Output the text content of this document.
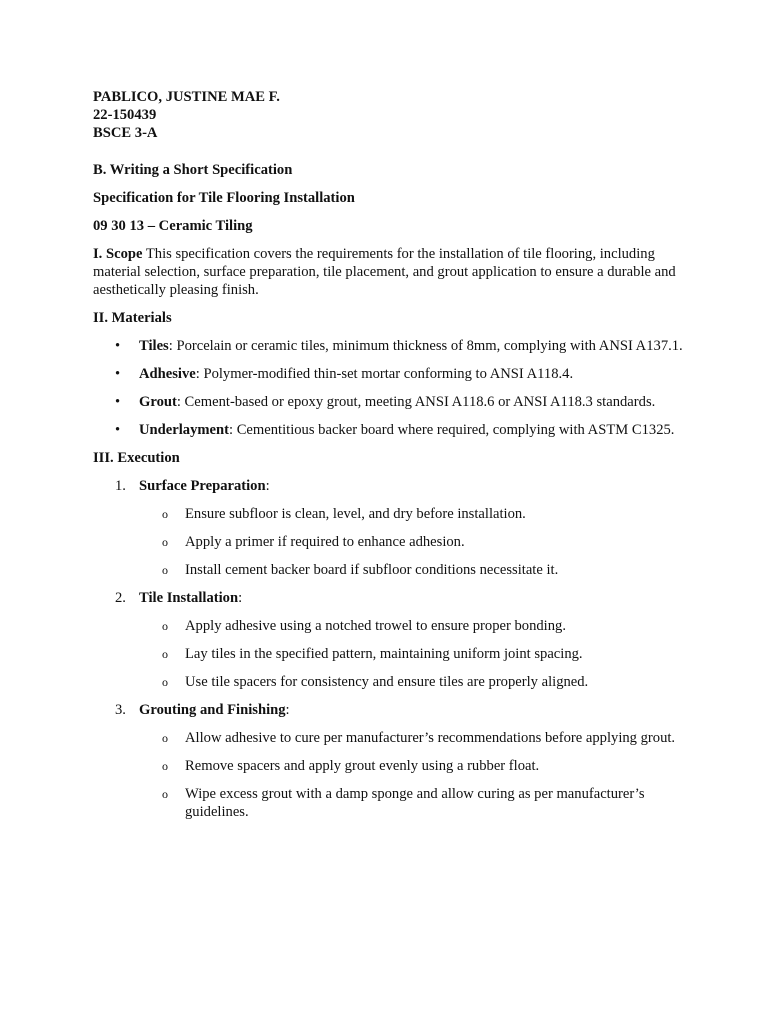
PABLICO, JUSTINE MAE F.

22-150439

BSCE 3-A

B. Writing a Short Specification

Specification for Tile Flooring Installation

09 30 13 – Ceramic Tiling

I. Scope This specification covers the requirements for the installation of tile flooring, including material selection, surface preparation, tile placement, and grout application to ensure a durable and aesthetically pleasing finish.

II. Materials

• Tiles: Porcelain or ceramic tiles, minimum thickness of 8mm, complying with ANSI A137.1.
• Adhesive: Polymer-modified thin-set mortar conforming to ANSI A118.4.
• Grout: Cement-based or epoxy grout, meeting ANSI A118.6 or ANSI A118.3 standards.
• Underlayment: Cementitious backer board where required, complying with ASTM C1325.

III. Execution

1. Surface Preparation:
o Ensure subfloor is clean, level, and dry before installation.
o Apply a primer if required to enhance adhesion.
o Install cement backer board if subfloor conditions necessitate it.
2. Tile Installation:
o Apply adhesive using a notched trowel to ensure proper bonding.
o Lay tiles in the specified pattern, maintaining uniform joint spacing.
o Use tile spacers for consistency and ensure tiles are properly aligned.
3. Grouting and Finishing:
o Allow adhesive to cure per manufacturer’s recommendations before applying grout.
o Remove spacers and apply grout evenly using a rubber float.
o Wipe excess grout with a damp sponge and allow curing as per manufacturer’s guidelines.
